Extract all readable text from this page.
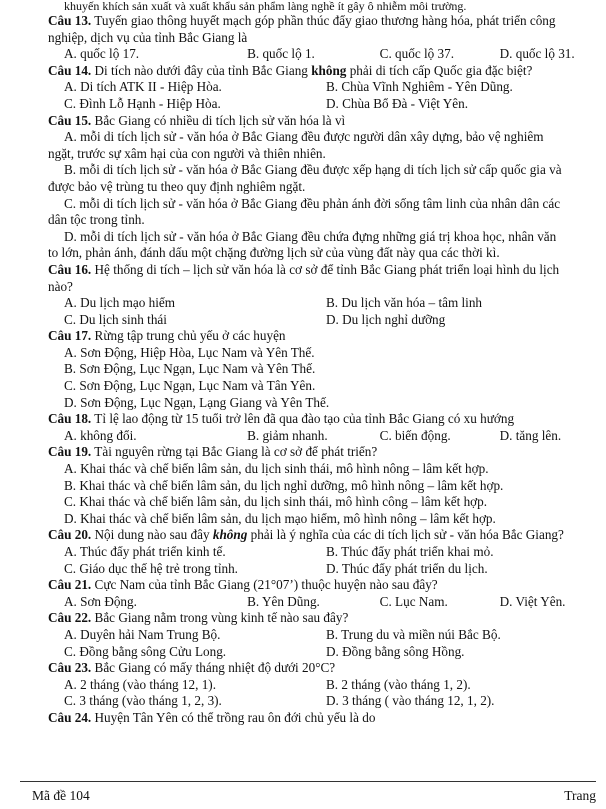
khuyến khích sản xuất và xuất khẩu sản phẩm làng nghề ít gây ô nhiễm môi trường.
Câu 13. Tuyến giao thông huyết mạch góp phần thúc đẩy giao thương hàng hóa, phát triển công
nghiệp, dịch vụ của tỉnh Bắc Giang là
A. quốc lộ 17.	B. quốc lộ 1.	C. quốc lộ 37.	D. quốc lộ 31.
Câu 14. Di tích nào dưới đây của tỉnh Bắc Giang không phải di tích cấp Quốc gia đặc biệt?
A. Di tích ATK II - Hiệp Hòa.	B. Chùa Vĩnh Nghiêm - Yên Dũng.
C. Đình Lỗ Hạnh - Hiệp Hòa.	D. Chùa Bổ Đà - Việt Yên.
Câu 15. Bắc Giang có nhiều di tích lịch sử văn hóa là vì
A. mỗi di tích lịch sử - văn hóa ở Bắc Giang đều được người dân xây dựng, bảo vệ nghiêm
ngặt, trước sự xâm hại của con người và thiên nhiên.
B. mỗi di tích lịch sử - văn hóa ở Bắc Giang đều được xếp hạng di tích lịch sử cấp quốc gia và
được bảo vệ trùng tu theo quy định nghiêm ngặt.
C. mỗi di tích lịch sử - văn hóa ở Bắc Giang đều phản ánh đời sống tâm linh của nhân dân các
dân tộc trong tỉnh.
D. mỗi di tích lịch sử - văn hóa ở Bắc Giang đều chứa đựng những giá trị khoa học, nhân văn
to lớn, phản ánh, đánh dấu một chặng đường lịch sử của vùng đất này qua các thời kì.
Câu 16. Hệ thống di tích – lịch sử văn hóa là cơ sở để tỉnh Bắc Giang phát triển loại hình du lịch
nào?
A. Du lịch mạo hiểm	B. Du lịch văn hóa – tâm linh
C. Du lịch sinh thái	D. Du lịch nghỉ dưỡng
Câu 17. Rừng tập trung chủ yếu ở các huyện
A. Sơn Động, Hiệp Hòa, Lục Nam và Yên Thế.
B. Sơn Động, Lục Ngạn, Lục Nam và Yên Thế.
C. Sơn Động, Lục Ngạn, Lục Nam và Tân Yên.
D. Sơn Động, Lục Ngạn, Lạng Giang và Yên Thế.
Câu 18. Tỉ lệ lao động từ 15 tuổi trở lên đã qua đào tạo của tỉnh Bắc Giang có xu hướng
A. không đổi.	B. giảm nhanh.	C. biến động.	D. tăng lên.
Câu 19. Tài nguyên rừng tại Bắc Giang là cơ sở để phát triển?
A. Khai thác và chế biến lâm sản, du lịch sinh thái, mô hình nông – lâm kết hợp.
B. Khai thác và chế biến lâm sản, du lịch nghỉ dưỡng, mô hình nông – lâm kết hợp.
C. Khai thác và chế biến lâm sản, du lịch sinh thái, mô hình công – lâm kết hợp.
D. Khai thác và chế biến lâm sản, du lịch mạo hiểm, mô hình nông – lâm kết hợp.
Câu 20. Nội dung nào sau đây không phải là ý nghĩa của các di tích lịch sử - văn hóa Bắc Giang?
A. Thúc đẩy phát triển kinh tế.	B. Thúc đẩy phát triển khai mỏ.
C. Giáo dục thế hệ trẻ trong tỉnh.	D. Thúc đẩy phát triển du lịch.
Câu 21. Cực Nam của tỉnh Bắc Giang (21°07’) thuộc huyện nào sau đây?
A. Sơn Động.	B. Yên Dũng.	C. Lục Nam.	D. Việt Yên.
Câu 22. Bắc Giang nằm trong vùng kinh tế nào sau đây?
A. Duyên hải Nam Trung Bộ.	B. Trung du và miền núi Bắc Bộ.
C. Đồng bằng sông Cửu Long.	D. Đồng bằng sông Hồng.
Câu 23. Bắc Giang có mấy tháng nhiệt độ dưới 20°C?
A. 2 tháng (vào tháng 12, 1).	B. 2 tháng (vào tháng 1, 2).
C. 3 tháng (vào tháng 1, 2, 3).	D. 3 tháng ( vào tháng 12, 1, 2).
Câu 24. Huyện Tân Yên có thể trồng rau ôn đới chủ yếu là do
Mã đề 104	Trang
